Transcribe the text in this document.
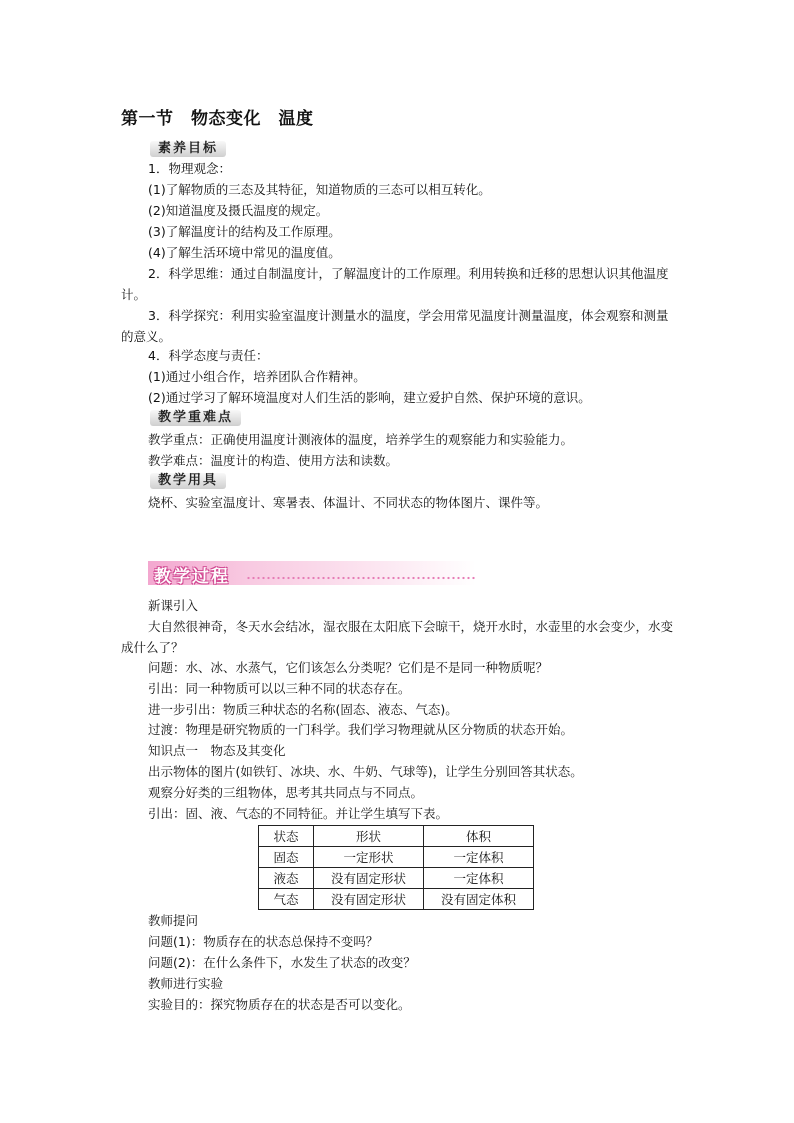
第一节　物态变化　温度
素养目标
1．物理观念：
(1)了解物质的三态及其特征，知道物质的三态可以相互转化。
(2)知道温度及摄氏温度的规定。
(3)了解温度计的结构及工作原理。
(4)了解生活环境中常见的温度值。
2．科学思维：通过自制温度计，了解温度计的工作原理。利用转换和迁移的思想认识其他温度计。
3．科学探究：利用实验室温度计测量水的温度，学会用常见温度计测量温度，体会观察和测量的意义。
4．科学态度与责任：
(1)通过小组合作，培养团队合作精神。
(2)通过学习了解环境温度对人们生活的影响，建立爱护自然、保护环境的意识。
教学重难点
教学重点：正确使用温度计测液体的温度，培养学生的观察能力和实验能力。
教学难点：温度计的构造、使用方法和读数。
教学用具
烧杯、实验室温度计、寒暑表、体温计、不同状态的物体图片、课件等。
教学过程
新课引入
大自然很神奇，冬天水会结冰，湿衣服在太阳底下会晾干，烧开水时，水壶里的水会变少，水变成什么了？
问题：水、冰、水蒸气，它们该怎么分类呢？它们是不是同一种物质呢？
引出：同一种物质可以以三种不同的状态存在。
进一步引出：物质三种状态的名称(固态、液态、气态)。
过渡：物理是研究物质的一门科学。我们学习物理就从区分物质的状态开始。
知识点一　物态及其变化
出示物体的图片(如铁钉、冰块、水、牛奶、气球等)，让学生分别回答其状态。
观察分好类的三组物体，思考其共同点与不同点。
引出：固、液、气态的不同特征。并让学生填写下表。
状态	形状	体积
固态	一定形状	一定体积
液态	没有固定形状	一定体积
气态	没有固定形状	没有固定体积
教师提问
问题(1)：物质存在的状态总保持不变吗？
问题(2)：在什么条件下，水发生了状态的改变？
教师进行实验
实验目的：探究物质存在的状态是否可以变化。
